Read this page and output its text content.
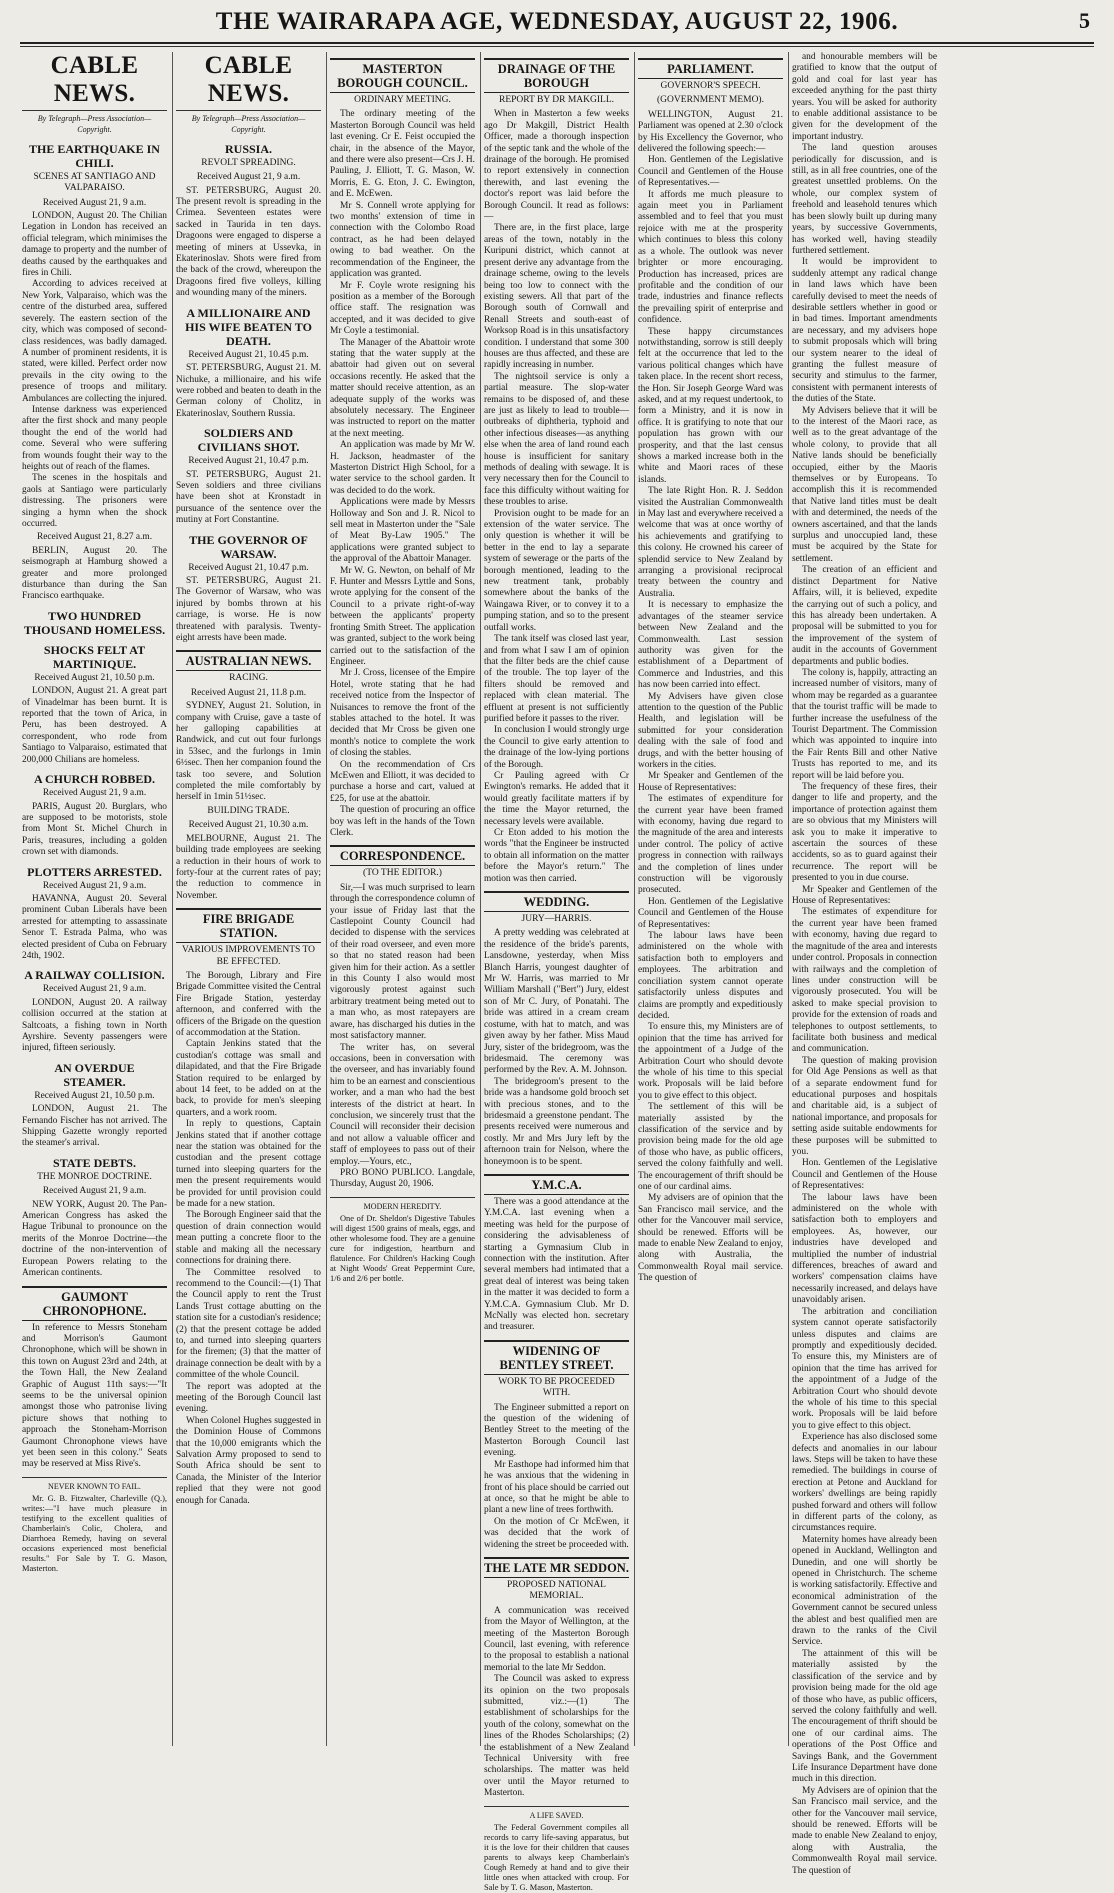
THE WAIRARAPA AGE, WEDNESDAY, AUGUST 22, 1906.	5
CABLE NEWS.
By Telegraph—Press Association—Copyright.
THE EARTHQUAKE IN CHILI.
SCENES AT SANTIAGO AND VALPARAISO.
Received August 21, 9 a.m.

LONDON, August 20. The Chilian Legation in London has received an official telegram, which minimises the damage to property and the number of deaths caused by the earthquakes and fires in Chili.

According to advices received at New York, Valparaiso, which was the centre of the disturbed area, suffered severely. The eastern section of the city, which was composed of second-class residences, was badly damaged. A number of prominent residents, it is stated, were killed. Perfect order now prevails in the city owing to the presence of troops and military. Ambulances are collecting the injured.

Intense darkness was experienced after the first shock and many people thought the end of the world had come. Several who were suffering from wounds fought their way to the heights out of reach of the flames.

The scenes in the hospitals and gaols at Santiago were particularly distressing. The prisoners were singing a hymn when the shock occurred.

Received August 21, 8.27 a.m.

BERLIN, August 20. The seismograph at Hamburg showed a greater and more prolonged disturbance than during the San Francisco earthquake.

TWO HUNDRED THOUSAND HOMELESS.
SHOCKS FELT AT MARTINIQUE.
Received August 21, 10.50 p.m.

LONDON, August 21. A great part of Vinadelmar has been burnt. It is reported that the town of Arica, in Peru, has been destroyed. A correspondent, who rode from Santiago to Valparaiso, estimated that 200,000 Chilians are homeless.

A CHURCH ROBBED.
Received August 21, 9 a.m.

PARIS, August 20. Burglars, who are supposed to be motorists, stole from Mont St. Michel Church in Paris, treasures, including a golden crown set with diamonds.

PLOTTERS ARRESTED.
Received August 21, 9 a.m.

HAVANNA, August 20. Several prominent Cuban Liberals have been arrested for attempting to assassinate Senor T. Estrada Palma, who was elected president of Cuba on February 24th, 1902.

A RAILWAY COLLISION.
Received August 21, 9 a.m.

LONDON, August 20. A railway collision occurred at the station at Saltcoats, a fishing town in North Ayrshire. Seventy passengers were injured, fifteen seriously.

AN OVERDUE STEAMER.
Received August 21, 10.50 p.m.

LONDON, August 21. The Fernando Fischer has not arrived. The Shipping Gazette wrongly reported the steamer's arrival.

STATE DEBTS.
THE MONROE DOCTRINE.
Received August 21, 9 a.m.

NEW YORK, August 20. The Pan-American Congress has asked the Hague Tribunal to pronounce on the merits of the Monroe Doctrine—the doctrine of the non-intervention of European Powers relating to the American continents.

GAUMONT CHRONOPHONE.

In reference to Messrs Stoneham and Morrison's Gaumont Chronophone, which will be shown in this town on August 23rd and 24th, at the Town Hall, the New Zealand Graphic of August 11th says:—"It seems to be the universal opinion amongst those who patronise living picture shows that nothing to approach the Stoneham-Morrison Gaumont Chronophone views have yet been seen in this colony." Seats may be reserved at Miss Rive's.

NEVER KNOWN TO FAIL.

Mr. G. B. Fitzwalter, Charleville (Q.), writes:—"I have much pleasure in testifying to the excellent qualities of Chamberlain's Colic, Cholera, and Diarrhoea Remedy, having on several occasions experienced most beneficial results." For Sale by T. G. Mason, Masterton.

CABLE NEWS.
By Telegraph—Press Association—Copyright.
RUSSIA.
REVOLT SPREADING.
Received August 21, 9 a.m.

ST. PETERSBURG, August 20. The present revolt is spreading in the Crimea. Seventeen estates were sacked in Taurida in ten days. Dragoons were engaged to disperse a meeting of miners at Ussevka, in Ekaterinoslav. Shots were fired from the back of the crowd, whereupon the Dragoons fired five volleys, killing and wounding many of the miners.

A MILLIONAIRE AND HIS WIFE BEATEN TO DEATH.
Received August 21, 10.45 p.m.

ST. PETERSBURG, August 21. M. Nichuke, a millionaire, and his wife were robbed and beaten to death in the German colony of Cholitz, in Ekaterinoslav, Southern Russia.

SOLDIERS AND CIVILIANS SHOT.
Received August 21, 10.47 p.m.

ST. PETERSBURG, August 21. Seven soldiers and three civilians have been shot at Kronstadt in pursuance of the sentence over the mutiny at Fort Constantine.

THE GOVERNOR OF WARSAW.
Received August 21, 10.47 p.m.

ST. PETERSBURG, August 21. The Governor of Warsaw, who was injured by bombs thrown at his carriage, is worse. He is now threatened with paralysis. Twenty-eight arrests have been made.

AUSTRALIAN NEWS.
RACING.
Received August 21, 11.8 p.m.

SYDNEY, August 21. Solution, in company with Cruise, gave a taste of her galloping capabilities at Randwick, and cut out four furlongs in 53sec, and the furlongs in 1min 6½sec. Then her companion found the task too severe, and Solution completed the mile comfortably by herself in 1min 51½sec.

BUILDING TRADE.
Received August 21, 10.30 a.m.

MELBOURNE, August 21. The building trade employees are seeking a reduction in their hours of work to forty-four at the current rates of pay; the reduction to commence in November.

FIRE BRIGADE STATION.
VARIOUS IMPROVEMENTS TO BE EFFECTED.

The Borough, Library and Fire Brigade Committee visited the Central Fire Brigade Station, yesterday afternoon, and conferred with the officers of the Brigade on the question of accommodation at the Station.

Captain Jenkins stated that the custodian's cottage was small and dilapidated, and that the Fire Brigade Station required to be enlarged by about 14 feet, to be added on at the back, to provide for men's sleeping quarters, and a work room.

In reply to questions, Captain Jenkins stated that if another cottage near the station was obtained for the custodian and the present cottage turned into sleeping quarters for the men the present requirements would be provided for until provision could be made for a new station.

The Borough Engineer said that the question of drain connection would mean putting a concrete floor to the stable and making all the necessary connections for draining there.

The Committee resolved to recommend to the Council:—(1) That the Council apply to rent the Trust Lands Trust cottage abutting on the station site for a custodian's residence; (2) that the present cottage be added to, and turned into sleeping quarters for the firemen; (3) that the matter of drainage connection be dealt with by a committee of the whole Council.

The report was adopted at the meeting of the Borough Council last evening.

When Colonel Hughes suggested in the Dominion House of Commons that the 10,000 emigrants which the Salvation Army proposed to send to South Africa should be sent to Canada, the Minister of the Interior replied that they were not good enough for Canada.

MASTERTON BOROUGH COUNCIL.
ORDINARY MEETING.

The ordinary meeting of the Masterton Borough Council was held last evening. Cr E. Feist occupied the chair, in the absence of the Mayor, and there were also present—Crs J. H. Pauling, J. Elliott, T. G. Mason, W. Morris, E. G. Eton, J. C. Ewington, and E. McEwen.

Mr S. Connell wrote applying for two months' extension of time in connection with the Colombo Road contract, as he had been delayed owing to bad weather. On the recommendation of the Engineer, the application was granted.

Mr F. Coyle wrote resigning his position as a member of the Borough office staff. The resignation was accepted, and it was decided to give Mr Coyle a testimonial.

The Manager of the Abattoir wrote stating that the water supply at the abattoir had given out on several occasions recently. He asked that the matter should receive attention, as an adequate supply of the works was absolutely necessary. The Engineer was instructed to report on the matter at the next meeting.

An application was made by Mr W. H. Jackson, headmaster of the Masterton District High School, for a water service to the school garden. It was decided to do the work.

Applications were made by Messrs Holloway and Son and J. R. Nicol to sell meat in Masterton under the "Sale of Meat By-Law 1905." The applications were granted subject to the approval of the Abattoir Manager.

Mr W. G. Newton, on behalf of Mr F. Hunter and Messrs Lyttle and Sons, wrote applying for the consent of the Council to a private right-of-way between the applicants' property fronting Smith Street. The application was granted, subject to the work being carried out to the satisfaction of the Engineer.

Mr J. Cross, licensee of the Empire Hotel, wrote stating that he had received notice from the Inspector of Nuisances to remove the front of the stables attached to the hotel. It was decided that Mr Cross be given one month's notice to complete the work of closing the stables.

On the recommendation of Crs McEwen and Elliott, it was decided to purchase a horse and cart, valued at £25, for use at the abattoir.

The question of procuring an office boy was left in the hands of the Town Clerk.

CORRESPONDENCE.
(TO THE EDITOR.)

Sir,—I was much surprised to learn through the correspondence column of your issue of Friday last that the Castlepoint County Council had decided to dispense with the services of their road overseer, and even more so that no stated reason had been given him for their action. As a settler in this County I also would most vigorously protest against such arbitrary treatment being meted out to a man who, as most ratepayers are aware, has discharged his duties in the most satisfactory manner.

The writer has, on several occasions, been in conversation with the overseer, and has invariably found him to be an earnest and conscientious worker, and a man who had the best interests of the district at heart. In conclusion, we sincerely trust that the Council will reconsider their decision and not allow a valuable officer and staff of employees to pass out of their employ.—Yours, etc.,

PRO BONO PUBLICO. Langdale, Thursday, August 20, 1906.

MODERN HEREDITY.

One of Dr. Sheldon's Digestive Tabules will digest 1500 grains of meals, eggs, and other wholesome food. They are a genuine cure for indigestion, heartburn and flatulence. For Children's Hacking Cough at Night Woods' Great Peppermint Cure, 1/6 and 2/6 per bottle.

DRAINAGE OF THE BOROUGH
REPORT BY DR MAKGILL.

When in Masterton a few weeks ago Dr Makgill, District Health Officer, made a thorough inspection of the septic tank and the whole of the drainage of the borough. He promised to report extensively in connection therewith, and last evening the doctor's report was laid before the Borough Council. It read as follows:—

There are, in the first place, large areas of the town, notably in the Kuripuni district, which cannot at present derive any advantage from the drainage scheme, owing to the levels being too low to connect with the existing sewers. All that part of the Borough south of Cornwall and Renall Streets and south-east of Worksop Road is in this unsatisfactory condition. I understand that some 300 houses are thus affected, and these are rapidly increasing in number.

The nightsoil service is only a partial measure. The slop-water remains to be disposed of, and these are just as likely to lead to trouble—outbreaks of diphtheria, typhoid and other infectious diseases—as anything else when the area of land round each house is insufficient for sanitary methods of dealing with sewage. It is very necessary then for the Council to face this difficulty without waiting for these troubles to arise.

Provision ought to be made for an extension of the water service. The only question is whether it will be better in the end to lay a separate system of sewerage or the parts of the borough mentioned, leading to the new treatment tank, probably somewhere about the banks of the Waingawa River, or to convey it to a pumping station, and so to the present outfall works.

The tank itself was closed last year, and from what I saw I am of opinion that the filter beds are the chief cause of the trouble. The top layer of the filters should be removed and replaced with clean material. The effluent at present is not sufficiently purified before it passes to the river.

In conclusion I would strongly urge the Council to give early attention to the drainage of the low-lying portions of the Borough.

Cr Pauling agreed with Cr Ewington's remarks. He added that it would greatly facilitate matters if by the time the Mayor returned, the necessary levels were available.

Cr Eton added to his motion the words "that the Engineer be instructed to obtain all information on the matter before the Mayor's return." The motion was then carried.

WEDDING.
JURY—HARRIS.

A pretty wedding was celebrated at the residence of the bride's parents, Lansdowne, yesterday, when Miss Blanch Harris, youngest daughter of Mr W. Harris, was married to Mr William Marshall ("Bert") Jury, eldest son of Mr C. Jury, of Ponatahi. The bride was attired in a cream cream costume, with hat to match, and was given away by her father. Miss Maud Jury, sister of the bridegroom, was the bridesmaid. The ceremony was performed by the Rev. A. M. Johnson.

The bridegroom's present to the bride was a handsome gold brooch set with precious stones, and to the bridesmaid a greenstone pendant. The presents received were numerous and costly. Mr and Mrs Jury left by the afternoon train for Nelson, where the honeymoon is to be spent.

Y.M.C.A.

There was a good attendance at the Y.M.C.A. last evening when a meeting was held for the purpose of considering the advisableness of starting a Gymnasium Club in connection with the institution. After several members had intimated that a great deal of interest was being taken in the matter it was decided to form a Y.M.C.A. Gymnasium Club. Mr D. McNally was elected hon. secretary and treasurer.

WIDENING OF BENTLEY STREET.
WORK TO BE PROCEEDED WITH.

The Engineer submitted a report on the question of the widening of Bentley Street to the meeting of the Masterton Borough Council last evening.

Mr Easthope had informed him that he was anxious that the widening in front of his place should be carried out at once, so that he might be able to plant a new line of trees forthwith.

On the motion of Cr McEwen, it was decided that the work of widening the street be proceeded with.

THE LATE MR SEDDON.
PROPOSED NATIONAL MEMORIAL.

A communication was received from the Mayor of Wellington, at the meeting of the Masterton Borough Council, last evening, with reference to the proposal to establish a national memorial to the late Mr Seddon.

The Council was asked to express its opinion on the two proposals submitted, viz.:—(1) The establishment of scholarships for the youth of the colony, somewhat on the lines of the Rhodes Scholarships; (2) the establishment of a New Zealand Technical University with free scholarships. The matter was held over until the Mayor returned to Masterton.

A LIFE SAVED.

The Federal Government compiles all records to carry life-saving apparatus, but it is the love for their children that causes parents to always keep Chamberlain's Cough Remedy at hand and to give their little ones when attacked with croup. For Sale by T. G. Mason, Masterton.

PARLIAMENT.
GOVERNOR'S SPEECH.
(GOVERNMENT MEMO).

WELLINGTON, August 21. Parliament was opened at 2.30 o'clock by His Excellency the Governor, who delivered the following speech:—

Hon. Gentlemen of the Legislative Council and Gentlemen of the House of Representatives.—

It affords me much pleasure to again meet you in Parliament assembled and to feel that you must rejoice with me at the prosperity which continues to bless this colony as a whole. The outlook was never brighter or more encouraging. Production has increased, prices are profitable and the condition of our trade, industries and finance reflects the prevailing spirit of enterprise and confidence.

These happy circumstances notwithstanding, sorrow is still deeply felt at the occurrence that led to the various political changes which have taken place. In the recent short recess, the Hon. Sir Joseph George Ward was asked, and at my request undertook, to form a Ministry, and it is now in office. It is gratifying to note that our population has grown with our prosperity, and that the last census shows a marked increase both in the white and Maori races of these islands.

The late Right Hon. R. J. Seddon visited the Australian Commonwealth in May last and everywhere received a welcome that was at once worthy of his achievements and gratifying to this colony. He crowned his career of splendid service to New Zealand by arranging a provisional reciprocal treaty between the country and Australia.

It is necessary to emphasize the advantages of the steamer service between New Zealand and the Commonwealth. Last session authority was given for the establishment of a Department of Commerce and Industries, and this has now been carried into effect.

My Advisers have given close attention to the question of the Public Health, and legislation will be submitted for your consideration dealing with the sale of food and drugs, and with the better housing of workers in the cities.

Mr Speaker and Gentlemen of the House of Representatives:

The estimates of expenditure for the current year have been framed with economy, having due regard to the magnitude of the area and interests under control. The policy of active progress in connection with railways and the completion of lines under construction will be vigorously prosecuted.

Hon. Gentlemen of the Legislative Council and Gentlemen of the House of Representatives:

The labour laws have been administered on the whole with satisfaction both to employers and employees. The arbitration and conciliation system cannot operate satisfactorily unless disputes and claims are promptly and expeditiously decided.

To ensure this, my Ministers are of opinion that the time has arrived for the appointment of a Judge of the Arbitration Court who should devote the whole of his time to this special work. Proposals will be laid before you to give effect to this object.

The settlement of this will be materially assisted by the classification of the service and by provision being made for the old age of those who have, as public officers, served the colony faithfully and well. The encouragement of thrift should be one of our cardinal aims.

My advisers are of opinion that the San Francisco mail service, and the other for the Vancouver mail service, should be renewed. Efforts will be made to enable New Zealand to enjoy, along with Australia, the Commonwealth Royal mail service. The question of

and honourable members will be gratified to know that the output of gold and coal for last year has exceeded anything for the past thirty years. You will be asked for authority to enable additional assistance to be given for the development of the important industry.

The land question arouses periodically for discussion, and is still, as in all free countries, one of the greatest unsettled problems. On the whole, our complex system of freehold and leasehold tenures which has been slowly built up during many years, by successive Governments, has worked well, having steadily furthered settlement.

It would be improvident to suddenly attempt any radical change in land laws which have been carefully devised to meet the needs of desirable settlers whether in good or in bad times. Important amendments are necessary, and my advisers hope to submit proposals which will bring our system nearer to the ideal of granting the fullest measure of security and stimulus to the farmer, consistent with permanent interests of the duties of the State.

My Advisers believe that it will be to the interest of the Maori race, as well as to the great advantage of the whole colony, to provide that all Native lands should be beneficially occupied, either by the Maoris themselves or by Europeans. To accomplish this it is recommended that Native land titles must be dealt with and determined, the needs of the owners ascertained, and that the lands surplus and unoccupied land, these must be acquired by the State for settlement.

The creation of an efficient and distinct Department for Native Affairs, will, it is believed, expedite the carrying out of such a policy, and this has already been undertaken. A proposal will be submitted to you for the improvement of the system of audit in the accounts of Government departments and public bodies.

The colony is, happily, attracting an increased number of visitors, many of whom may be regarded as a guarantee that the tourist traffic will be made to further increase the usefulness of the Tourist Department. The Commission which was appointed to inquire into the Fair Rents Bill and other Native Trusts has reported to me, and its report will be laid before you.

The frequency of these fires, their danger to life and property, and the importance of protection against them are so obvious that my Ministers will ask you to make it imperative to ascertain the sources of these accidents, so as to guard against their recurrence. The report will be presented to you in due course.

Mr Speaker and Gentlemen of the House of Representatives:

The estimates of expenditure for the current year have been framed with economy, having due regard to the magnitude of the area and interests under control. Proposals in connection with railways and the completion of lines under construction will be vigorously prosecuted. You will be asked to make special provision to provide for the extension of roads and telephones to outpost settlements, to facilitate both business and medical and communication.

The question of making provision for Old Age Pensions as well as that of a separate endowment fund for educational purposes and hospitals and charitable aid, is a subject of national importance, and proposals for setting aside suitable endowments for these purposes will be submitted to you.

Hon. Gentlemen of the Legislative Council and Gentlemen of the House of Representatives:

The labour laws have been administered on the whole with satisfaction both to employers and employees. As, however, our industries have developed and multiplied the number of industrial differences, breaches of award and workers' compensation claims have necessarily increased, and delays have unavoidably arisen.

The arbitration and conciliation system cannot operate satisfactorily unless disputes and claims are promptly and expeditiously decided. To ensure this, my Ministers are of opinion that the time has arrived for the appointment of a Judge of the Arbitration Court who should devote the whole of his time to this special work. Proposals will be laid before you to give effect to this object.

Experience has also disclosed some defects and anomalies in our labour laws. Steps will be taken to have these remedied. The buildings in course of erection at Petone and Auckland for workers' dwellings are being rapidly pushed forward and others will follow in different parts of the colony, as circumstances require.

Maternity homes have already been opened in Auckland, Wellington and Dunedin, and one will shortly be opened in Christchurch. The scheme is working satisfactorily. Effective and economical administration of the Government cannot be secured unless the ablest and best qualified men are drawn to the ranks of the Civil Service.

The attainment of this will be materially assisted by the classification of the service and by provision being made for the old age of those who have, as public officers, served the colony faithfully and well. The encouragement of thrift should be one of our cardinal aims. The operations of the Post Office and Savings Bank, and the Government Life Insurance Department have done much in this direction.

My Advisers are of opinion that the San Francisco mail service, and the other for the Vancouver mail service, should be renewed. Efforts will be made to enable New Zealand to enjoy, along with Australia, the Commonwealth Royal mail service. The question of
